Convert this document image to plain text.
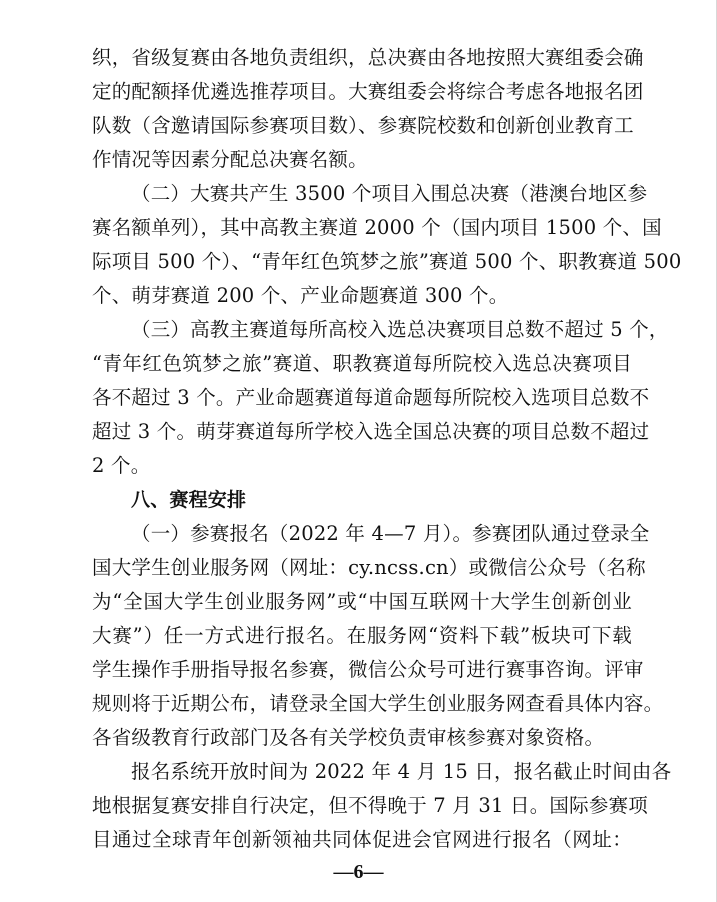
织，省级复赛由各地负责组织，总决赛由各地按照大赛组委会确
定的配额择优遴选推荐项目。大赛组委会将综合考虑各地报名团
队数（含邀请国际参赛项目数）、参赛院校数和创新创业教育工
作情况等因素分配总决赛名额。
（二）大赛共产生 3500 个项目入围总决赛（港澳台地区参
赛名额单列），其中高教主赛道 2000 个（国内项目 1500 个、国
际项目 500 个）、“青年红色筑梦之旅”赛道 500 个、职教赛道 500
个、萌芽赛道 200 个、产业命题赛道 300 个。
（三）高教主赛道每所高校入选总决赛项目总数不超过 5 个，
“青年红色筑梦之旅”赛道、职教赛道每所院校入选总决赛项目
各不超过 3 个。产业命题赛道每道命题每所院校入选项目总数不
超过 3 个。萌芽赛道每所学校入选全国总决赛的项目总数不超过
2 个。
八、赛程安排
（一）参赛报名（2022 年 4—7 月）。参赛团队通过登录全
国大学生创业服务网（网址：cy.ncss.cn）或微信公众号（名称
为“全国大学生创业服务网”或“中国互联网十大学生创新创业
大赛”）任一方式进行报名。在服务网“资料下载”板块可下载
学生操作手册指导报名参赛，微信公众号可进行赛事咨询。评审
规则将于近期公布，请登录全国大学生创业服务网查看具体内容。
各省级教育行政部门及各有关学校负责审核参赛对象资格。
报名系统开放时间为 2022 年 4 月 15 日，报名截止时间由各
地根据复赛安排自行决定，但不得晚于 7 月 31 日。国际参赛项
目通过全球青年创新领袖共同体促进会官网进行报名（网址：
—6—
